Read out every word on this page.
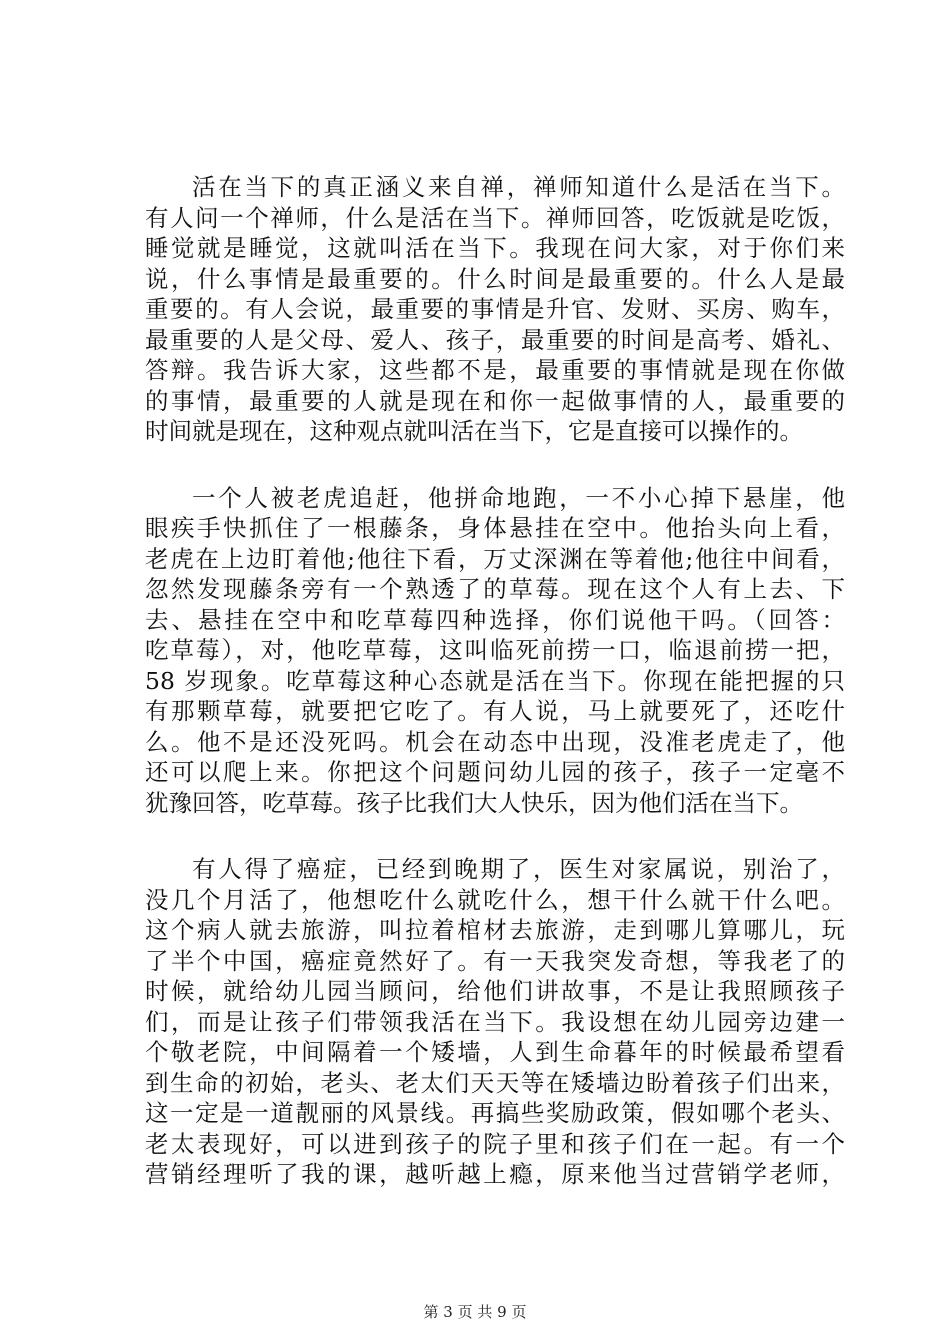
活在当下的真正涵义来自禅，禅师知道什么是活在当下。
有人问一个禅师，什么是活在当下。禅师回答，吃饭就是吃饭，
睡觉就是睡觉，这就叫活在当下。我现在问大家，对于你们来
说，什么事情是最重要的。什么时间是最重要的。什么人是最
重要的。有人会说，最重要的事情是升官、发财、买房、购车，
最重要的人是父母、爱人、孩子，最重要的时间是高考、婚礼、
答辩。我告诉大家，这些都不是，最重要的事情就是现在你做
的事情，最重要的人就是现在和你一起做事情的人，最重要的
时间就是现在，这种观点就叫活在当下，它是直接可以操作的。
一个人被老虎追赶，他拼命地跑，一不小心掉下悬崖，他
眼疾手快抓住了一根藤条，身体悬挂在空中。他抬头向上看，
老虎在上边盯着他;他往下看，万丈深渊在等着他;他往中间看，
忽然发现藤条旁有一个熟透了的草莓。现在这个人有上去、下
去、悬挂在空中和吃草莓四种选择，你们说他干吗。（回答：
吃草莓），对，他吃草莓，这叫临死前捞一口，临退前捞一把，
58 岁现象。吃草莓这种心态就是活在当下。你现在能把握的只
有那颗草莓，就要把它吃了。有人说，马上就要死了，还吃什
么。他不是还没死吗。机会在动态中出现，没准老虎走了，他
还可以爬上来。你把这个问题问幼儿园的孩子，孩子一定毫不
犹豫回答，吃草莓。孩子比我们大人快乐，因为他们活在当下。
有人得了癌症，已经到晚期了，医生对家属说，别治了，
没几个月活了，他想吃什么就吃什么，想干什么就干什么吧。
这个病人就去旅游，叫拉着棺材去旅游，走到哪儿算哪儿，玩
了半个中国，癌症竟然好了。有一天我突发奇想，等我老了的
时候，就给幼儿园当顾问，给他们讲故事，不是让我照顾孩子
们，而是让孩子们带领我活在当下。我设想在幼儿园旁边建一
个敬老院，中间隔着一个矮墙，人到生命暮年的时候最希望看
到生命的初始，老头、老太们天天等在矮墙边盼着孩子们出来，
这一定是一道靓丽的风景线。再搞些奖励政策，假如哪个老头、
老太表现好，可以进到孩子的院子里和孩子们在一起。有一个
营销经理听了我的课，越听越上瘾，原来他当过营销学老师，
第 3 页 共 9 页
